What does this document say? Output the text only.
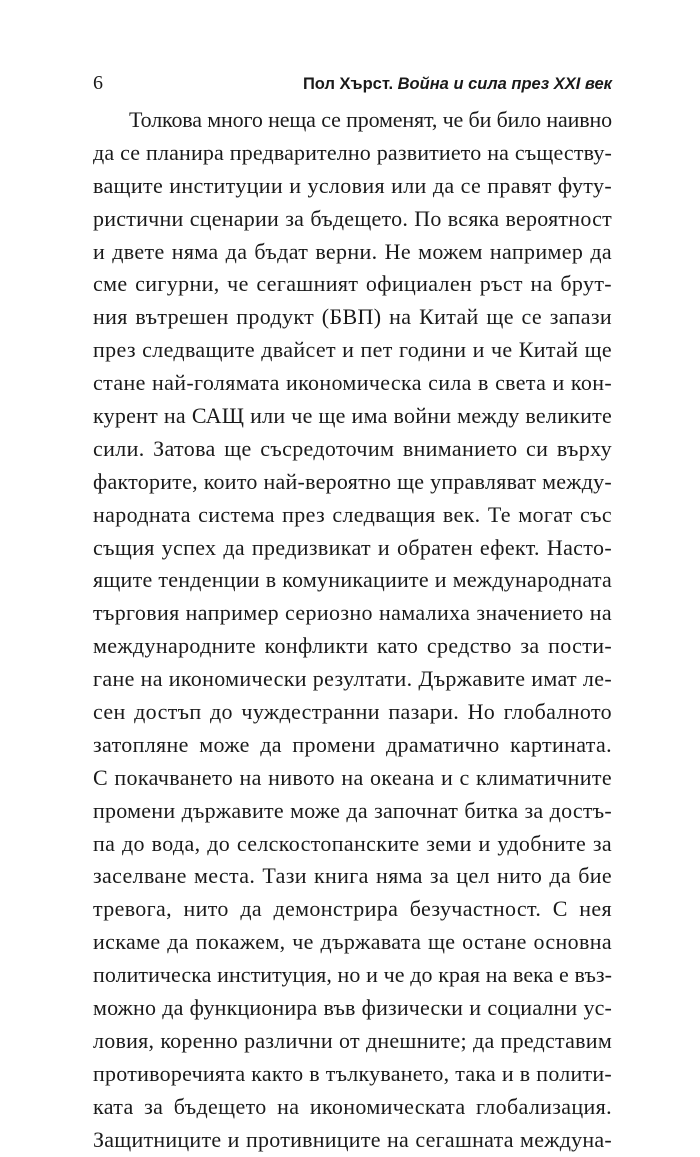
6	Пол Хърст. Война и сила през XXI век
Толкова много неща се променят, че би било наивно
да се планира предварително развитието на съществу-
ващите институции и условия или да се правят футу-
ристични сценарии за бъдещето. По всяка вероятност
и двете няма да бъдат верни. Не можем например да
сме сигурни, че сегашният официален ръст на брут-
ния вътрешен продукт (БВП) на Китай ще се запази
през следващите двайсет и пет години и че Китай ще
стане най-голямата икономическа сила в света и кон-
курент на САЩ или че ще има войни между великите
сили. Затова ще съсредоточим вниманието си върху
факторите, които най-вероятно ще управляват между-
народната система през следващия век. Те могат със
същия успех да предизвикат и обратен ефект. Насто-
ящите тенденции в комуникациите и международната
търговия например сериозно намалиха значението на
международните конфликти като средство за пости-
гане на икономически резултати. Държавите имат ле-
сен достъп до чуждестранни пазари. Но глобалното
затопляне може да промени драматично картината.
С покачването на нивото на океана и с климатичните
промени държавите може да започнат битка за достъ-
па до вода, до селскостопанските земи и удобните за
заселване места. Тази книга няма за цел нито да бие
тревога, нито да демонстрира безучастност. С нея
искаме да покажем, че държавата ще остане основна
политическа институция, но и че до края на века е въз-
можно да функционира във физически и социални ус-
ловия, коренно различни от днешните; да представим
противоречията както в тълкуването, така и в полити-
ката за бъдещето на икономическата глобализация.
Защитниците и противниците на сегашната междуна-
